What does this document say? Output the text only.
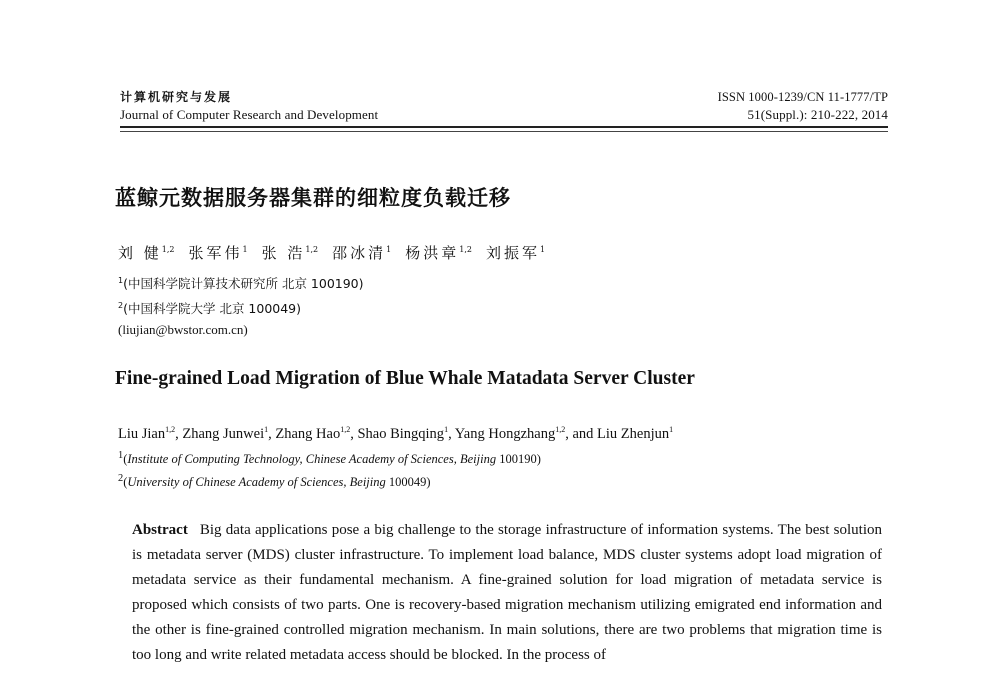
计算机研究与发展	ISSN 1000-1239/CN 11-1777/TP
Journal of Computer Research and Development	51(Suppl.): 210-222, 2014
蓝鲸元数据服务器集群的细粒度负载迁移
刘 健$^{1,2}$ 张军伟$^1$ 张 浩$^{1,2}$ 邵冰清$^1$ 杨洪章$^{1,2}$ 刘振军$^1$
$^1$(中国科学院计算技术研究所 北京 100190)
$^2$(中国科学院大学 北京 100049)
(liujian@bwstor.com.cn)
Fine-grained Load Migration of Blue Whale Matadata Server Cluster
Liu Jian$^{1,2}$, Zhang Junwei$^1$, Zhang Hao$^{1,2}$, Shao Bingqing$^1$, Yang Hongzhang$^{1,2}$, and Liu Zhenjun$^1$
$^1$(Institute of Computing Technology, Chinese Academy of Sciences, Beijing 100190)
$^2$(University of Chinese Academy of Sciences, Beijing 100049)
Abstract Big data applications pose a big challenge to the storage infrastructure of information systems. The best solution is metadata server (MDS) cluster infrastructure. To implement load balance, MDS cluster systems adopt load migration of metadata service as their fundamental mechanism. A fine-grained solution for load migration of metadata service is proposed which consists of two parts. One is recovery-based migration mechanism utilizing emigrated end information and the other is fine-grained controlled migration mechanism. In main solutions, there are two problems that migration time is too long and write related metadata access should be blocked. In the process of
